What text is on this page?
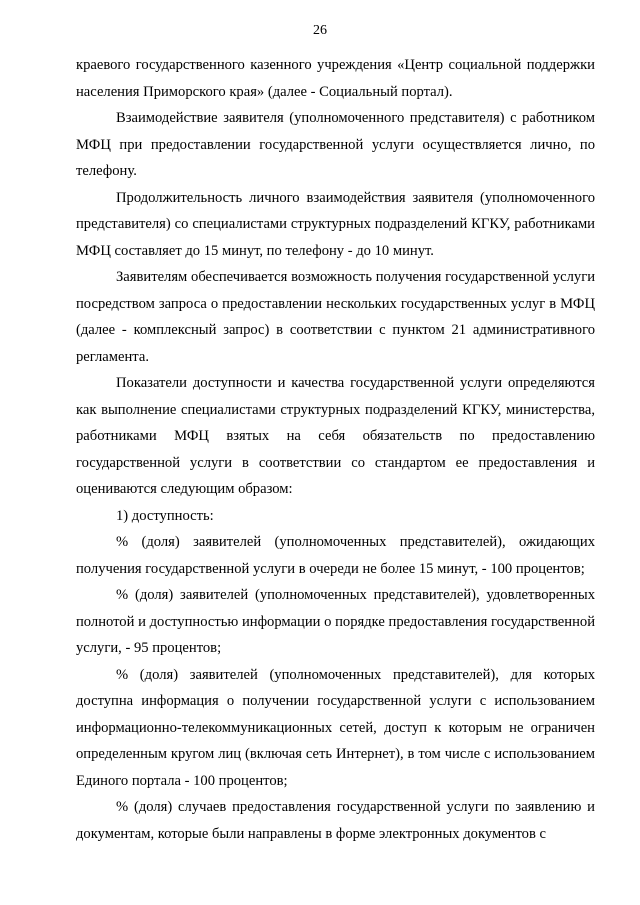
26

краевого государственного казенного учреждения «Центр социальной поддержки населения Приморского края» (далее - Социальный портал).

Взаимодействие заявителя (уполномоченного представителя) с работником МФЦ при предоставлении государственной услуги осуществляется лично, по телефону.

Продолжительность личного взаимодействия заявителя (уполномоченного представителя) со специалистами структурных подразделений КГКУ, работниками МФЦ составляет до 15 минут, по телефону - до 10 минут.

Заявителям обеспечивается возможность получения государственной услуги посредством запроса о предоставлении нескольких государственных услуг в МФЦ (далее - комплексный запрос) в соответствии с пунктом 21 административного регламента.

Показатели доступности и качества государственной услуги определяются как выполнение специалистами структурных подразделений КГКУ, министерства, работниками МФЦ взятых на себя обязательств по предоставлению государственной услуги в соответствии со стандартом ее предоставления и оцениваются следующим образом:

1) доступность:

% (доля) заявителей (уполномоченных представителей), ожидающих получения государственной услуги в очереди не более 15 минут, - 100 процентов;

% (доля) заявителей (уполномоченных представителей), удовлетворенных полнотой и доступностью информации о порядке предоставления государственной услуги, - 95 процентов;

% (доля) заявителей (уполномоченных представителей), для которых доступна информация о получении государственной услуги с использованием информационно-телекоммуникационных сетей, доступ к которым не ограничен определенным кругом лиц (включая сеть Интернет), в том числе с использованием Единого портала - 100 процентов;

% (доля) случаев предоставления государственной услуги по заявлению и документам, которые были направлены в форме электронных документов с
